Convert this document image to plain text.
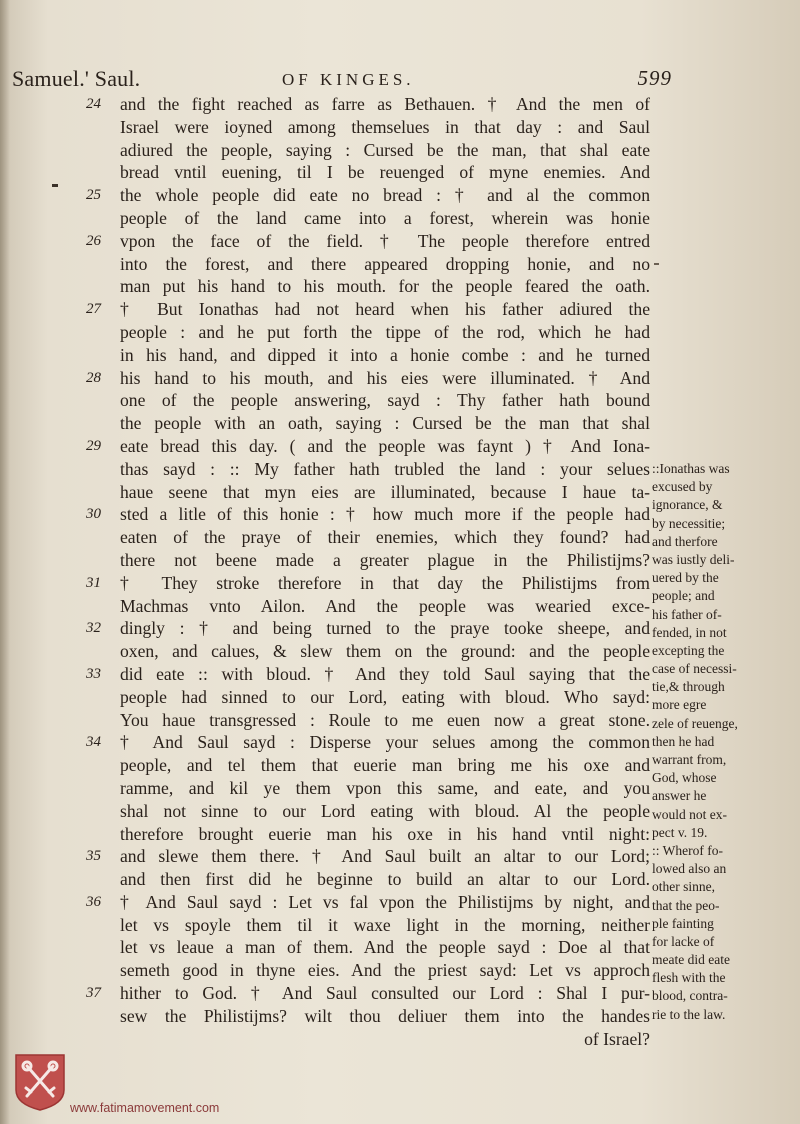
Samuel.' Saul.	OF KINGES.	599
24	and the fight reached as farre as Bethauen. † And the men of
Israel were ioyned among themselues in that day : and Saul
adiured the people, saying : Cursed be the man, that shal eate
bread vntil euening, til I be reuenged of myne enemies. And
25	the whole people did eate no bread : † and al the common
people of the land came into a forest, wherein was honie
26	vpon the face of the field. † The people therefore entred
into the forest, and there appeared dropping honie, and no
man put his hand to his mouth. for the people feared the oath.
27	† But Ionathas had not heard when his father adiured the
people : and he put forth the tippe of the rod, which he had
in his hand, and dipped it into a honie combe : and he turned
28	his hand to his mouth, and his eies were illuminated. † And
one of the people answering, sayd : Thy father hath bound
the people with an oath, saying : Cursed be the man that shal
29	eate bread this day. ( and the people was faynt ) † And Iona-
thas sayd : :: My father hath trubled the land : your selues
haue seene that myn eies are illuminated, because I haue ta-
30	sted a litle of this honie : † how much more if the people had
eaten of the praye of their enemies, which they found? had
there not beene made a greater plague in the Philistijms?
31	† They stroke therefore in that day the Philistijms from
Machmas vnto Ailon. And the people was wearied exce-
32	dingly : † and being turned to the praye tooke sheepe, and
oxen, and calues, & slew them on the ground: and the people
33	did eate :: with bloud. † And they told Saul saying that the
people had sinned to our Lord, eating with bloud. Who sayd:
You haue transgressed : Roule to me euen now a great stone.
34	† And Saul sayd : Disperse your selues among the common
people, and tel them that euerie man bring me his oxe and
ramme, and kil ye them vpon this same, and eate, and you
shal not sinne to our Lord eating with bloud. Al the people
therefore brought euerie man his oxe in his hand vntil night:
35	and slewe them there. † And Saul built an altar to our Lord;
and then first did he beginne to build an altar to our Lord.
36	† And Saul sayd : Let vs fal vpon the Philistijms by night, and
let vs spoyle them til it waxe light in the morning, neither
let vs leaue a man of them. And the people sayd : Doe al that
semeth good in thyne eies. And the priest sayd: Let vs approch
37	hither to God. † And Saul consulted our Lord : Shal I pur-
sew the Philistijms? wilt thou deliuer them into the handes
of Israel?
::Ionathas was
excused by
ignorance, &
by necessitie;
and therfore
was iustly deli-
uered by the
people; and
his father of-
fended, in not
excepting the
case of necessi-
tie,& through
more egre
zele of reuenge,
then he had
warrant from,
God, whose
answer he
would not ex-
pect v. 19.
:: Wherof fo-
lowed also an
other sinne,
that the peo-
ple fainting
for lacke of
meate did eate
flesh with the
blood, contra-
rie to the law.
www.fatimamovement.com
